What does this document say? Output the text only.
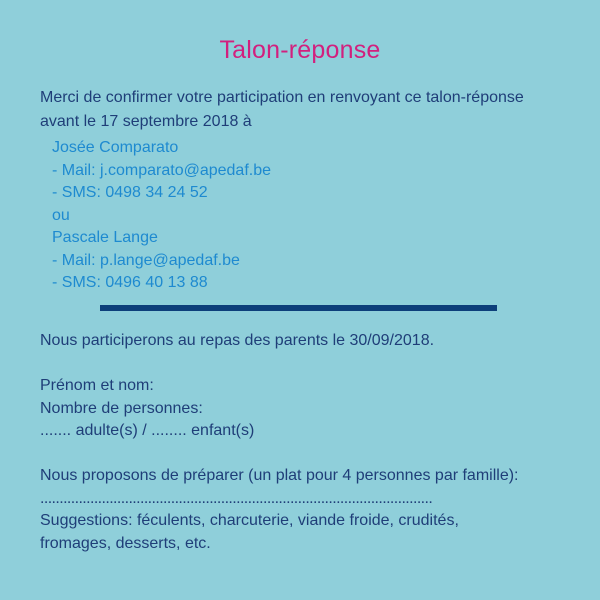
Talon-réponse

Merci de confirmer votre participation en renvoyant ce talon-réponse
avant le 17 septembre 2018 à

Josée Comparato
- Mail: j.comparato@apedaf.be
- SMS: 0498 34 24 52
ou
Pascale Lange
- Mail: p.lange@apedaf.be
- SMS: 0496 40 13 88

Nous participerons au repas des parents le 30/09/2018.

Prénom et nom:
Nombre de personnes:
....... adulte(s) / ........ enfant(s)

Nous proposons de préparer (un plat pour 4 personnes par famille):
......................................................................................................
Suggestions: féculents, charcuterie, viande froide, crudités,
fromages, desserts, etc.
